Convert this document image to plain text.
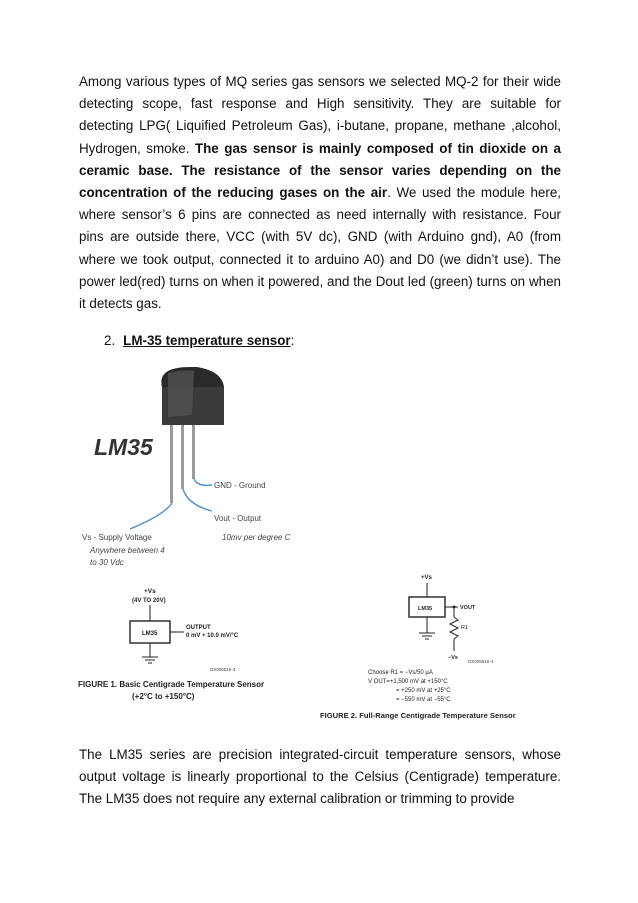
Among various types of MQ series gas sensors we selected MQ-2 for their wide detecting scope, fast response and High sensitivity. They are suitable for detecting LPG( Liquified Petroleum Gas), i-butane, propane, methane ,alcohol, Hydrogen, smoke. The gas sensor is mainly composed of tin dioxide on a ceramic base. The resistance of the sensor varies depending on the concentration of the reducing gases on the air. We used the module here, where sensor’s 6 pins are connected as need internally with resistance. Four pins are outside there, VCC (with 5V dc), GND (with Arduino gnd), A0 (from where we took output, connected it to arduino A0) and D0 (we didn’t use). The power led(red) turns on when it powered, and the Dout led (green) turns on when it detects gas.

2. LM-35 temperature sensor:
LM35
GND - Ground
Vout - Output
10mv per degree C
Vs - Supply Voltage
Anywhere between 4
to 30 Vdc
+Vs
(4V TO 20V)
LM35
OUTPUT
0 mV + 10.0 mV/°C
DS005516-3
FIGURE 1. Basic Centigrade Temperature Sensor
(+2°C to +150°C)
+Vs
LM35	VOUT
R1
−Vs
DS005516-4
Choose R1 = −Vs/50 µA
V OUT=+1,500 mV at +150°C
= +250 mV at +25°C
= −550 mV at −55°C
FIGURE 2. Full-Range Centigrade Temperature Sensor

The LM35 series are precision integrated-circuit temperature sensors, whose output voltage is linearly proportional to the Celsius (Centigrade) temperature. The LM35 does not require any external calibration or trimming to provide
